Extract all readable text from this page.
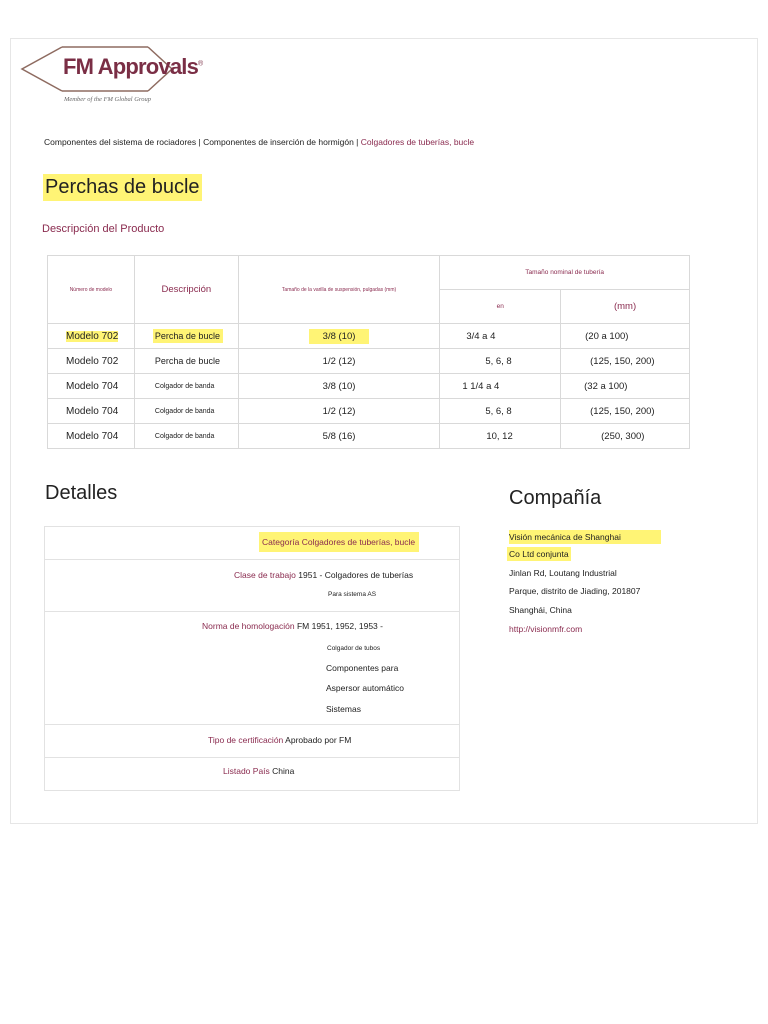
FM Approvals®
Member of the FM Global Group
Componentes del sistema de rociadores | Componentes de inserción de hormigón | Colgadores de tuberías, bucle
Perchas de bucle
Descripción del Producto
Número de modelo	Descripción	Tamaño de la varilla de suspensión, pulgadas (mm)	Tamaño nominal de tubería	
			en	(mm)
Modelo 702	Percha de bucle	3/8 (10)	3/4 a 4	(20 a 100)
Modelo 702	Percha de bucle	1/2 (12)	5, 6, 8	(125, 150, 200)
Modelo 704	Colgador de banda	3/8 (10)	1 1/4 a 4	(32 a 100)
Modelo 704	Colgador de banda	1/2 (12)	5, 6, 8	(125, 150, 200)
Modelo 704	Colgador de banda	5/8 (16)	10, 12	(250, 300)
Detalles
Categoría Colgadores de tuberías, bucle
Clase de trabajo 1951 - Colgadores de tuberías
Para sistema AS
Norma de homologación FM 1951, 1952, 1953 -
Colgador de tubos
Componentes para
Aspersor automático
Sistemas
Tipo de certificación Aprobado por FM
Listado País China
Compañía
Visión mecánica de Shanghai
Co Ltd conjunta
Jinlan Rd, Loutang Industrial
Parque, distrito de Jiading, 201807
Shanghái, China
http://visionmfr.com
